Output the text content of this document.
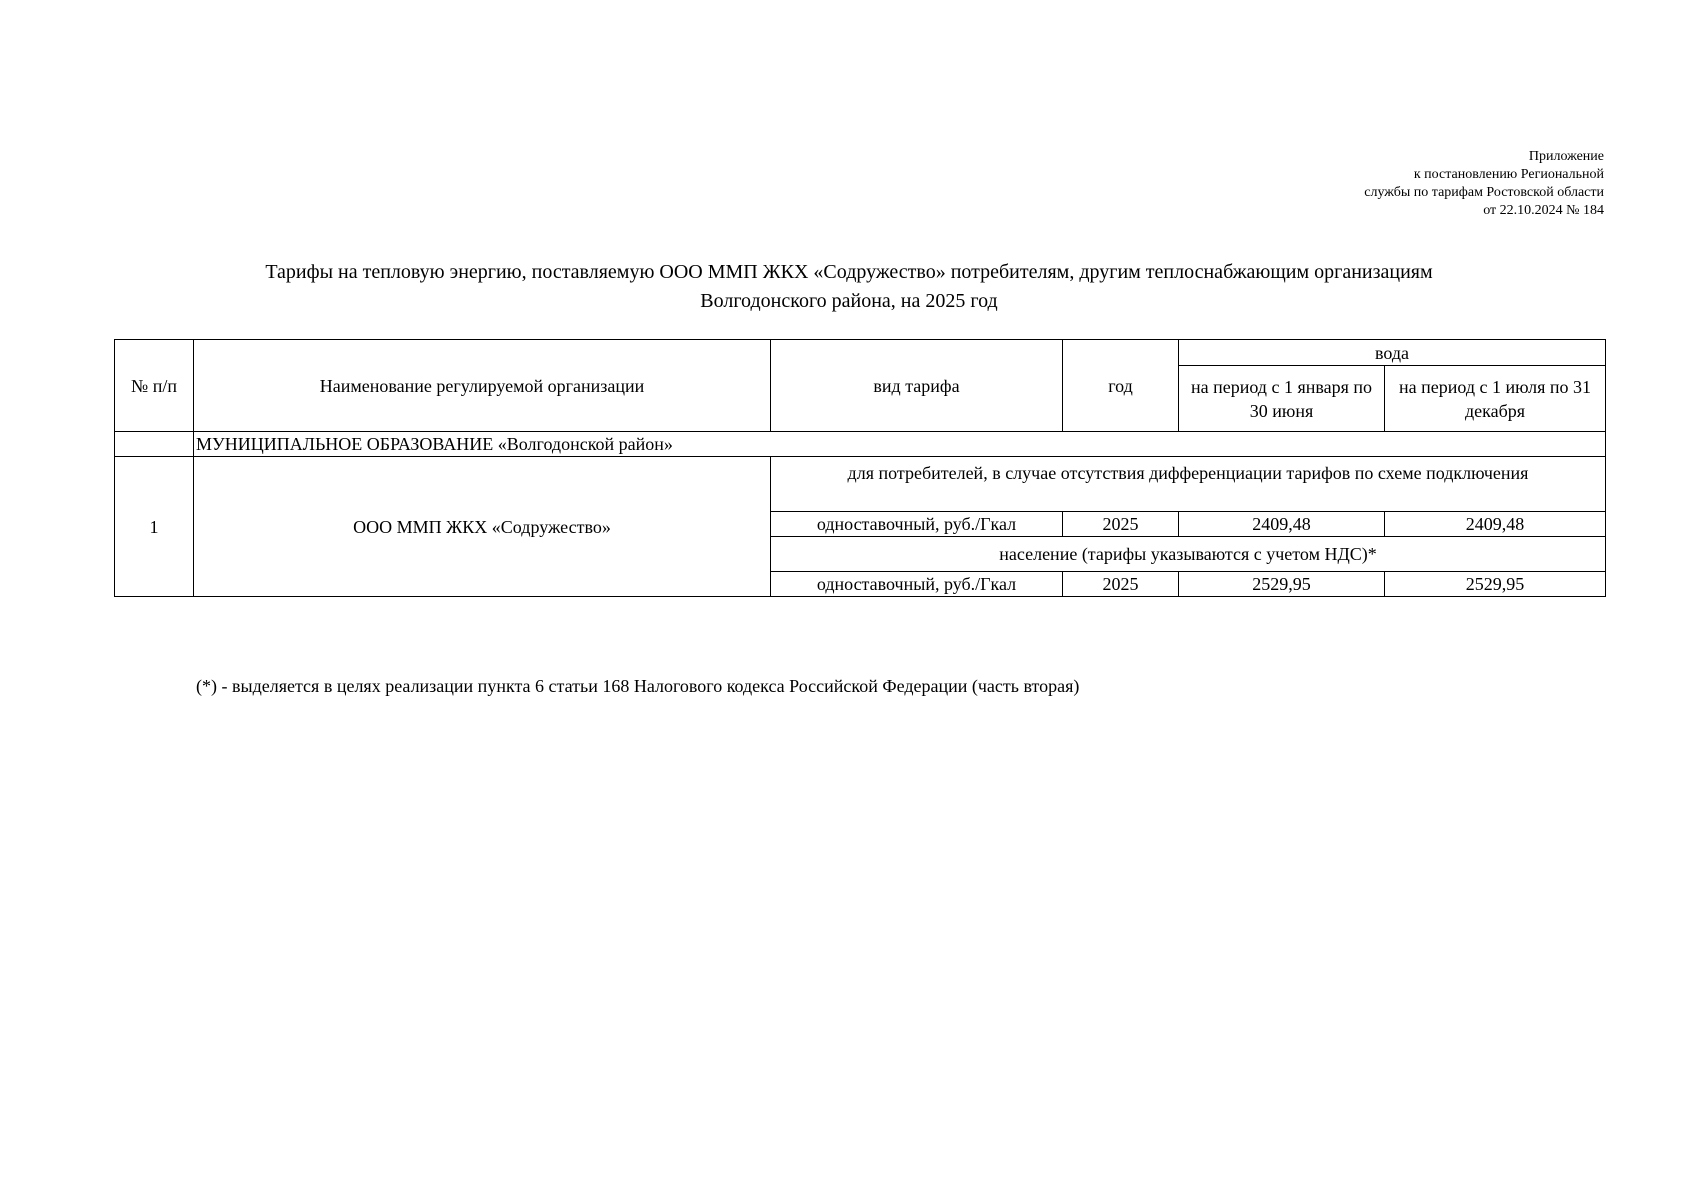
Приложение
к постановлению Региональной
службы по тарифам Ростовской области
от 22.10.2024 № 184
Тарифы на тепловую энергию, поставляемую ООО ММП ЖКХ «Содружество» потребителям, другим теплоснабжающим организациям
Волгодонского района, на 2025 год
№ п/п	Наименование регулируемой организации	вид тарифа	год	вода	
				на период с 1 января по 30 июня	на период с 1 июля по 31 декабря
	МУНИЦИПАЛЬНОЕ ОБРАЗОВАНИЕ «Волгодонской район»				
1	ООО ММП ЖКХ «Содружество»	для потребителей, в случае отсутствия дифференциации тарифов по схеме подключения			
		одноставочный, руб./Гкал	2025	2409,48	2409,48
		население (тарифы указываются с учетом НДС)*			
		одноставочный, руб./Гкал	2025	2529,95	2529,95
(*) - выделяется в целях реализации пункта 6 статьи 168 Налогового кодекса Российской Федерации (часть вторая)
